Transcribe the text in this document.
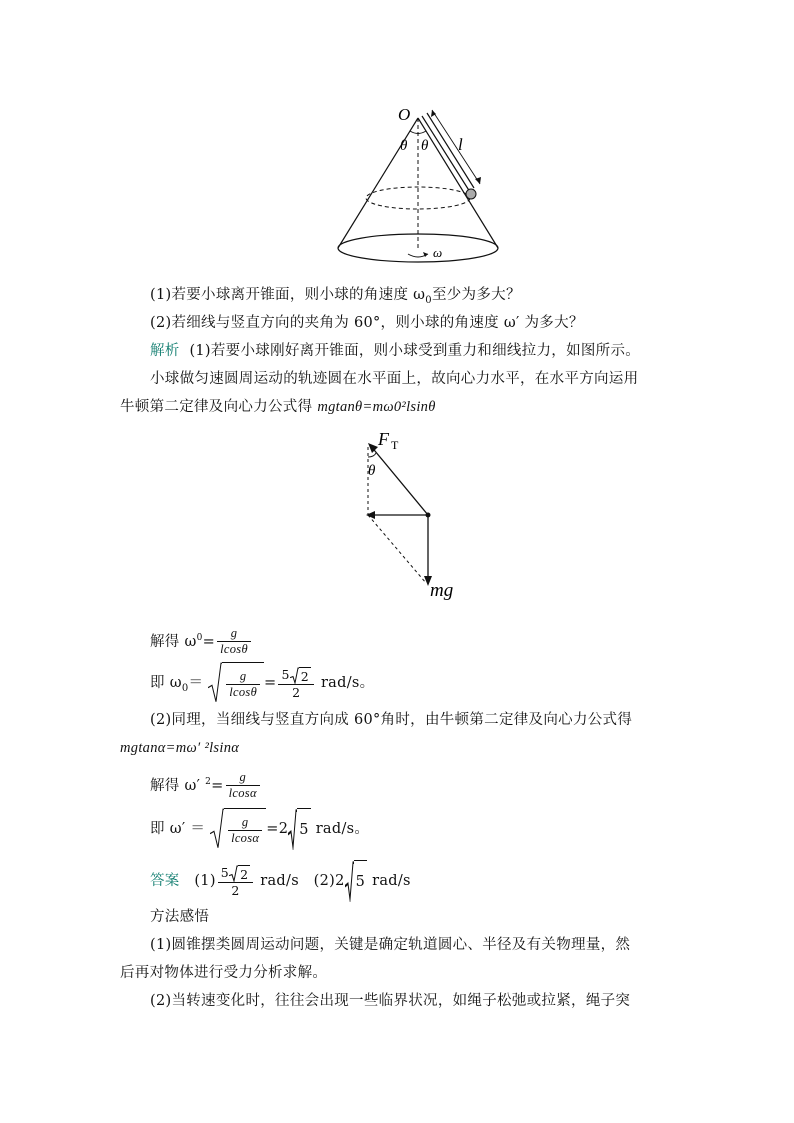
O
θ θ l
ω
(1)若要小球离开锥面，则小球的角速度 $\omega_0$至少为多大？
(2)若细线与竖直方向的夹角为 60°，则小球的角速度 ω′ 为多大？
解析 (1)若要小球刚好离开锥面，则小球受到重力和细线拉力，如图所示。
小球做匀速圆周运动的轨迹圆在水平面上，故向心力水平，在水平方向运用
牛顿第二定律及向心力公式得 mgtanθ=mω0²lsinθ
F T
θ
mg
解得 $\omega^0= \frac{g}{lcos\theta}$
即 $\omega_0= \frac{g}{lcos\theta} = \frac{5 2}{2} rad/s$。
(2)同理，当细线与竖直方向成 60°角时，由牛顿第二定律及向心力公式得
mgtanα=mω′ ²lsinα
解得 ω′ $^2= \frac{g}{lcos\alpha}$
即 $\omega' = \frac{g}{lcos\alpha} =2$ 5 rad/s。
答案 $(1) \frac{5 2}{2} rad/s$ (2)2 5 rad/s
方法感悟
(1)圆锥摆类圆周运动问题，关键是确定轨道圆心、半径及有关物理量，然
后再对物体进行受力分析求解。
(2)当转速变化时，往往会出现一些临界状况，如绳子松弛或拉紧，绳子突
